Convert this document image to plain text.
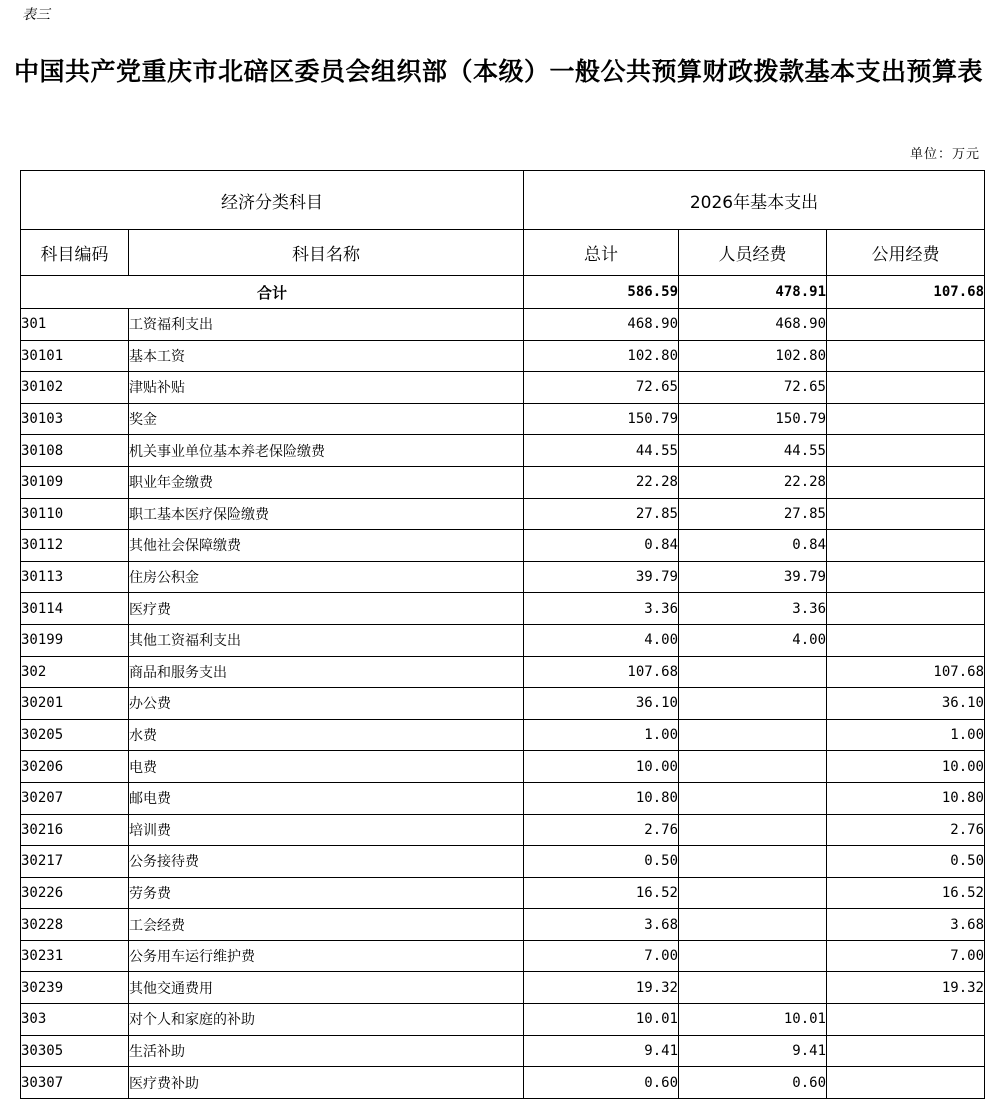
表三
中国共产党重庆市北碚区委员会组织部（本级）一般公共预算财政拨款基本支出预算表
单位：万元
经济分类科目		2026年基本支出		
科目编码	科目名称	总计	人员经费	公用经费
合计		586.59	478.91	107.68
301	工资福利支出	468.90	468.90	
30101	基本工资	102.80	102.80	
30102	津贴补贴	72.65	72.65	
30103	奖金	150.79	150.79	
30108	机关事业单位基本养老保险缴费	44.55	44.55	
30109	职业年金缴费	22.28	22.28	
30110	职工基本医疗保险缴费	27.85	27.85	
30112	其他社会保障缴费	0.84	0.84	
30113	住房公积金	39.79	39.79	
30114	医疗费	3.36	3.36	
30199	其他工资福利支出	4.00	4.00	
302	商品和服务支出	107.68		107.68
30201	办公费	36.10		36.10
30205	水费	1.00		1.00
30206	电费	10.00		10.00
30207	邮电费	10.80		10.80
30216	培训费	2.76		2.76
30217	公务接待费	0.50		0.50
30226	劳务费	16.52		16.52
30228	工会经费	3.68		3.68
30231	公务用车运行维护费	7.00		7.00
30239	其他交通费用	19.32		19.32
303	对个人和家庭的补助	10.01	10.01	
30305	生活补助	9.41	9.41	
30307	医疗费补助	0.60	0.60	
